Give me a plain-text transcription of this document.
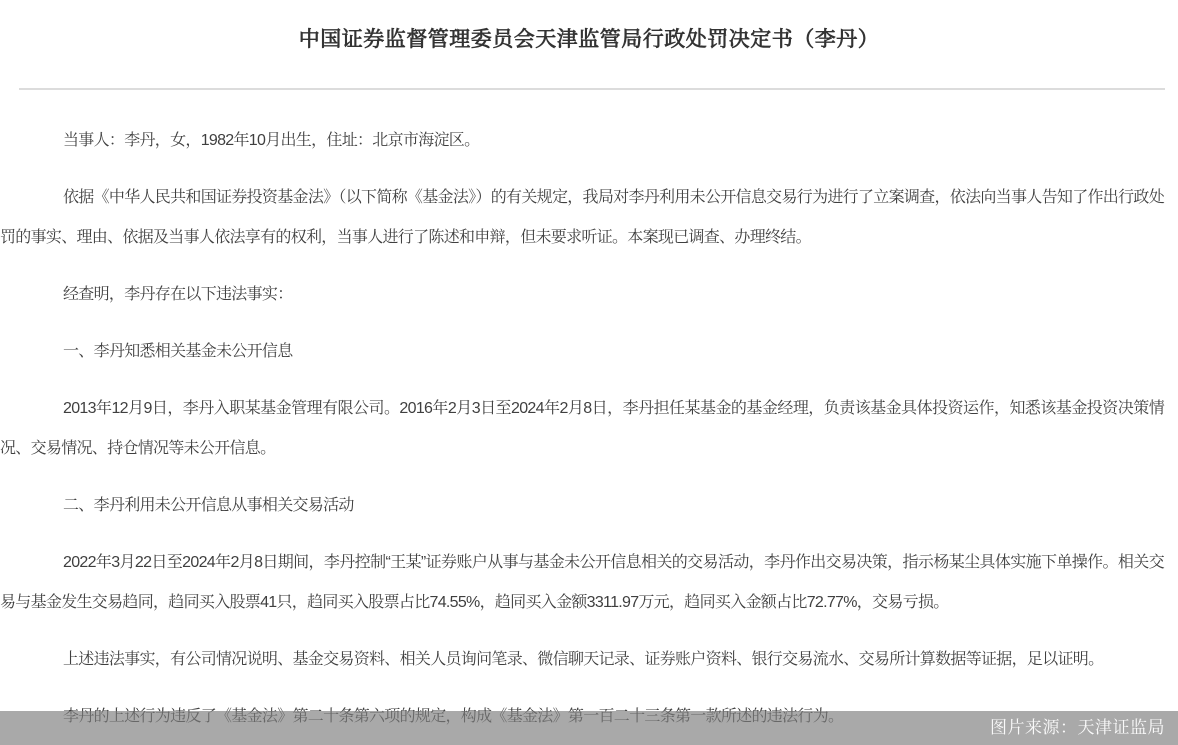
中国证券监督管理委员会天津监管局行政处罚决定书（李丹）

当事人：李丹，女，1982年10月出生，住址：北京市海淀区。

依据《中华人民共和国证券投资基金法》（以下简称《基金法》）的有关规定，我局对李丹利用未公开信息交易行为进行了立案调查，依法向当事人告知了作出行政处罚的事实、理由、依据及当事人依法享有的权利，当事人进行了陈述和申辩，但未要求听证。本案现已调查、办理终结。

经查明，李丹存在以下违法事实：

一、李丹知悉相关基金未公开信息

2013年12月9日，李丹入职某基金管理有限公司。2016年2月3日至2024年2月8日，李丹担任某基金的基金经理，负责该基金具体投资运作，知悉该基金投资决策情况、交易情况、持仓情况等未公开信息。

二、李丹利用未公开信息从事相关交易活动

2022年3月22日至2024年2月8日期间，李丹控制“王某”证券账户从事与基金未公开信息相关的交易活动，李丹作出交易决策，指示杨某尘具体实施下单操作。相关交易与基金发生交易趋同，趋同买入股票41只，趋同买入股票占比74.55%，趋同买入金额3311.97万元，趋同买入金额占比72.77%，交易亏损。

上述违法事实，有公司情况说明、基金交易资料、相关人员询问笔录、微信聊天记录、证券账户资料、银行交易流水、交易所计算数据等证据，足以证明。

图片来源：天津证监局
